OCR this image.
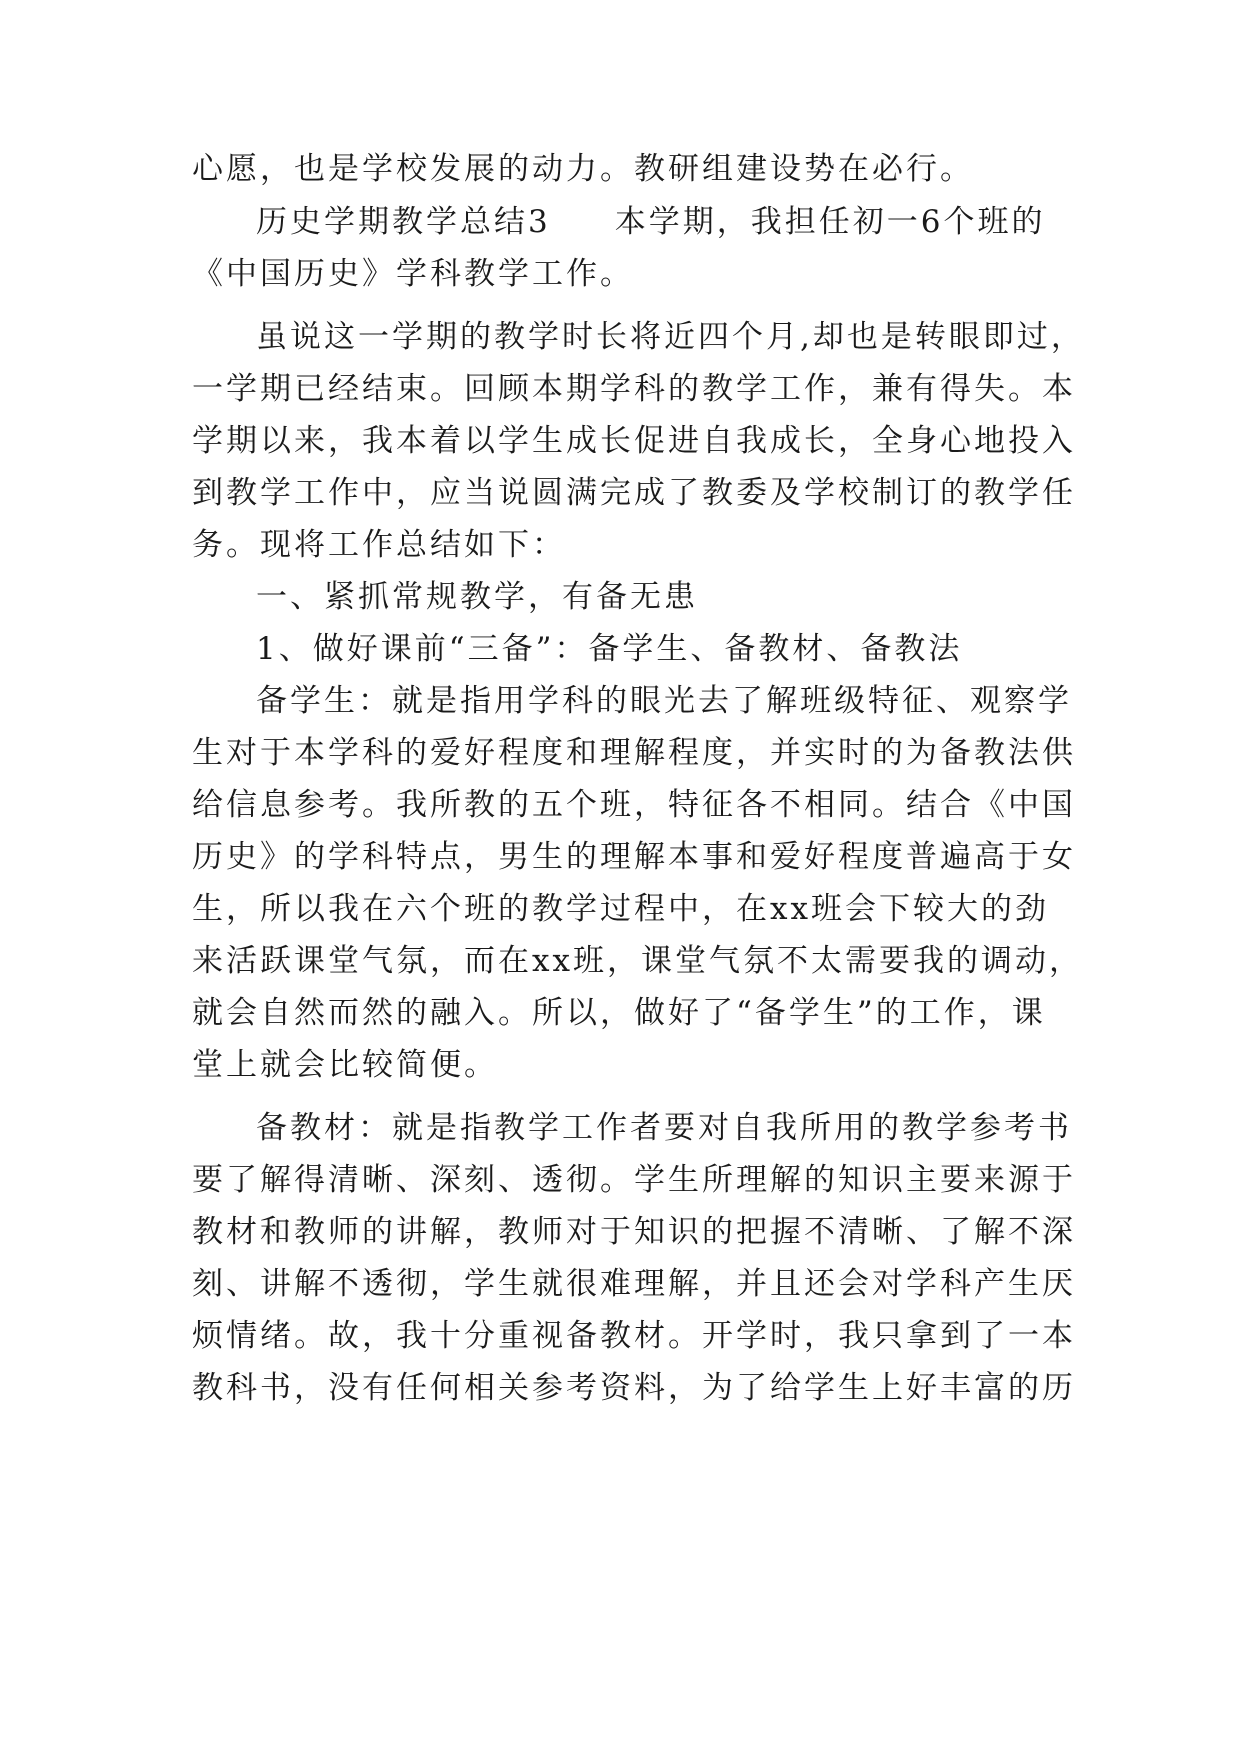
心愿，也是学校发展的动力。教研组建设势在必行。
历史学期教学总结3 本学期，我担任初一6个班的
《中国历史》学科教学工作。
虽说这一学期的教学时长将近四个月,却也是转眼即过，
一学期已经结束。回顾本期学科的教学工作，兼有得失。本
学期以来，我本着以学生成长促进自我成长，全身心地投入
到教学工作中，应当说圆满完成了教委及学校制订的教学任
务。现将工作总结如下：
一、紧抓常规教学，有备无患
1、做好课前“三备”：备学生、备教材、备教法
备学生：就是指用学科的眼光去了解班级特征、观察学
生对于本学科的爱好程度和理解程度，并实时的为备教法供
给信息参考。我所教的五个班，特征各不相同。结合《中国
历史》的学科特点，男生的理解本事和爱好程度普遍高于女
生，所以我在六个班的教学过程中，在xx班会下较大的劲
来活跃课堂气氛，而在xx班，课堂气氛不太需要我的调动，
就会自然而然的融入。所以，做好了“备学生”的工作，课
堂上就会比较简便。
备教材：就是指教学工作者要对自我所用的教学参考书
要了解得清晰、深刻、透彻。学生所理解的知识主要来源于
教材和教师的讲解，教师对于知识的把握不清晰、了解不深
刻、讲解不透彻，学生就很难理解，并且还会对学科产生厌
烦情绪。故，我十分重视备教材。开学时，我只拿到了一本
教科书，没有任何相关参考资料，为了给学生上好丰富的历
